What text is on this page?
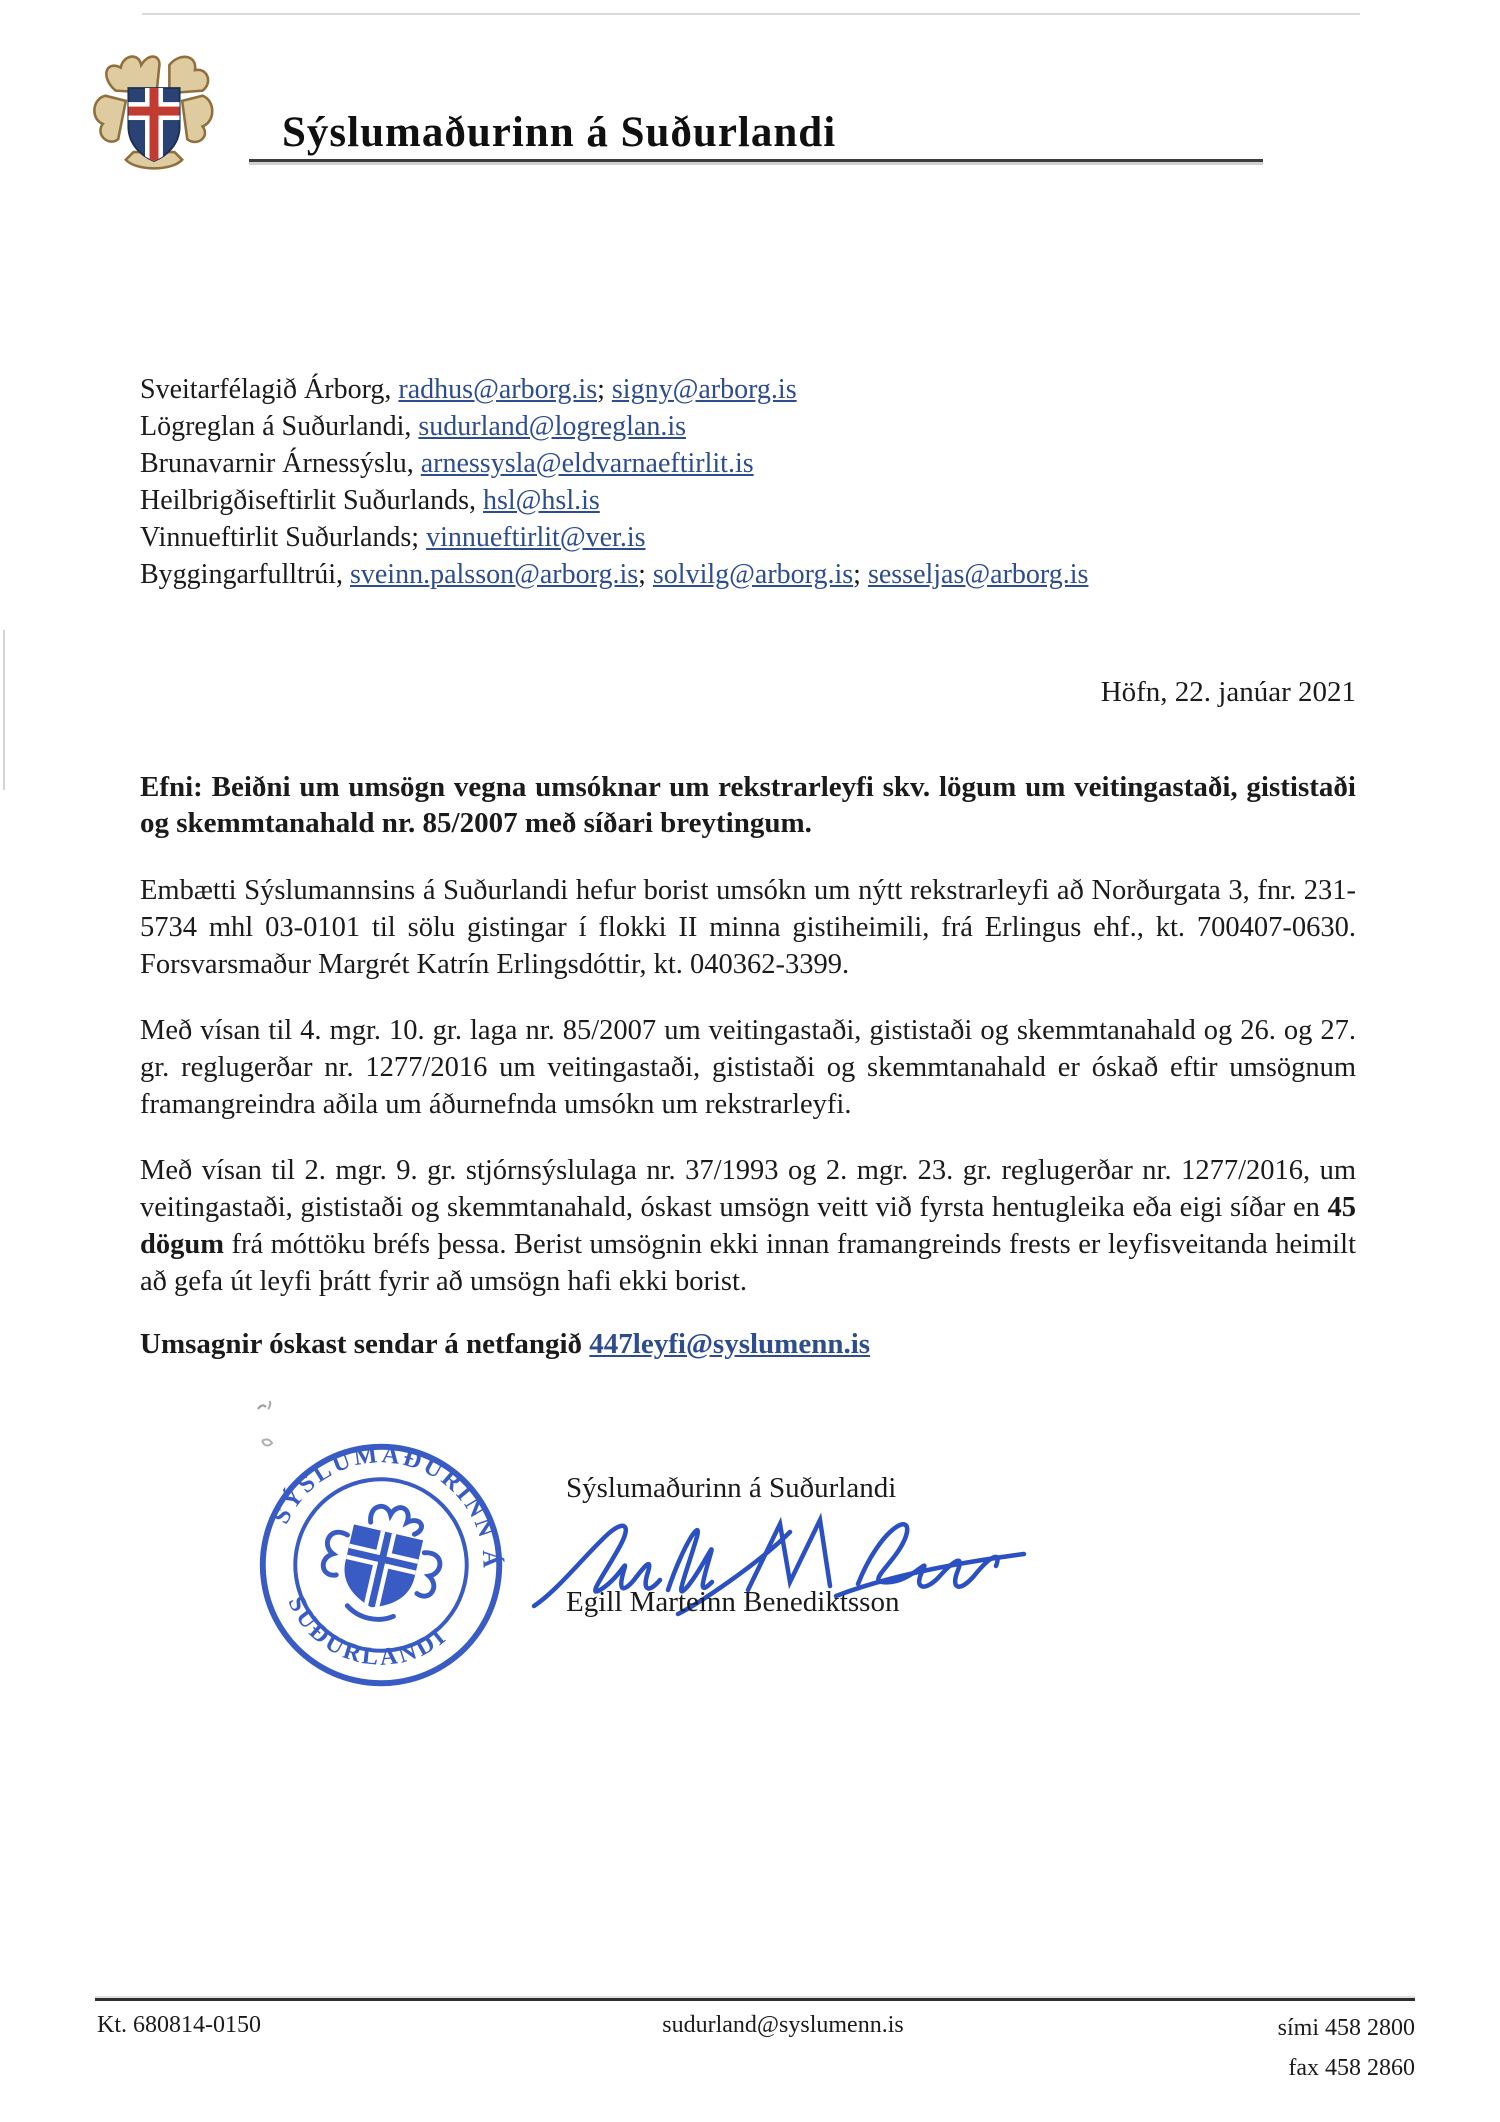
Sýslumaðurinn á Suðurlandi
Sveitarfélagið Árborg, radhus@arborg.is; signy@arborg.is
Lögreglan á Suðurlandi, sudurland@logreglan.is
Brunavarnir Árnessýslu, arnessysla@eldvarnaeftirlit.is
Heilbrigðiseftirlit Suðurlands, hsl@hsl.is
Vinnueftirlit Suðurlands; vinnueftirlit@ver.is
Byggingarfulltrúi, sveinn.palsson@arborg.is; solvilg@arborg.is; sesseljas@arborg.is
Höfn, 22. janúar 2021
Efni: Beiðni um umsögn vegna umsóknar um rekstrarleyfi skv. lögum um veitingastaði, gististaði og skemmtanahald nr. 85/2007 með síðari breytingum.
Embætti Sýslumannsins á Suðurlandi hefur borist umsókn um nýtt rekstrarleyfi að Norðurgata 3, fnr. 231-5734 mhl 03-0101 til sölu gistingar í flokki II minna gistiheimili, frá Erlingus ehf., kt. 700407-0630. Forsvarsmaður Margrét Katrín Erlingsdóttir, kt. 040362-3399.
Með vísan til 4. mgr. 10. gr. laga nr. 85/2007 um veitingastaði, gististaði og skemmtanahald og 26. og 27. gr. reglugerðar nr. 1277/2016 um veitingastaði, gististaði og skemmtanahald er óskað eftir umsögnum framangreindra aðila um áðurnefnda umsókn um rekstrarleyfi.
Með vísan til 2. mgr. 9. gr. stjórnsýslulaga nr. 37/1993 og 2. mgr. 23. gr. reglugerðar nr. 1277/2016, um veitingastaði, gististaði og skemmtanahald, óskast umsögn veitt við fyrsta hentugleika eða eigi síðar en 45 dögum frá móttöku bréfs þessa. Berist umsögnin ekki innan framangreinds frests er leyfisveitanda heimilt að gefa út leyfi þrátt fyrir að umsögn hafi ekki borist.
Umsagnir óskast sendar á netfangið 447leyfi@syslumenn.is
SÝSLUMAÐURINN Á
SUÐURLANDI
Sýslumaðurinn á Suðurlandi
Egill Marteinn Benediktsson
Kt. 680814-0150	sudurland@syslumenn.is	sími 458 2800
fax 458 2860
